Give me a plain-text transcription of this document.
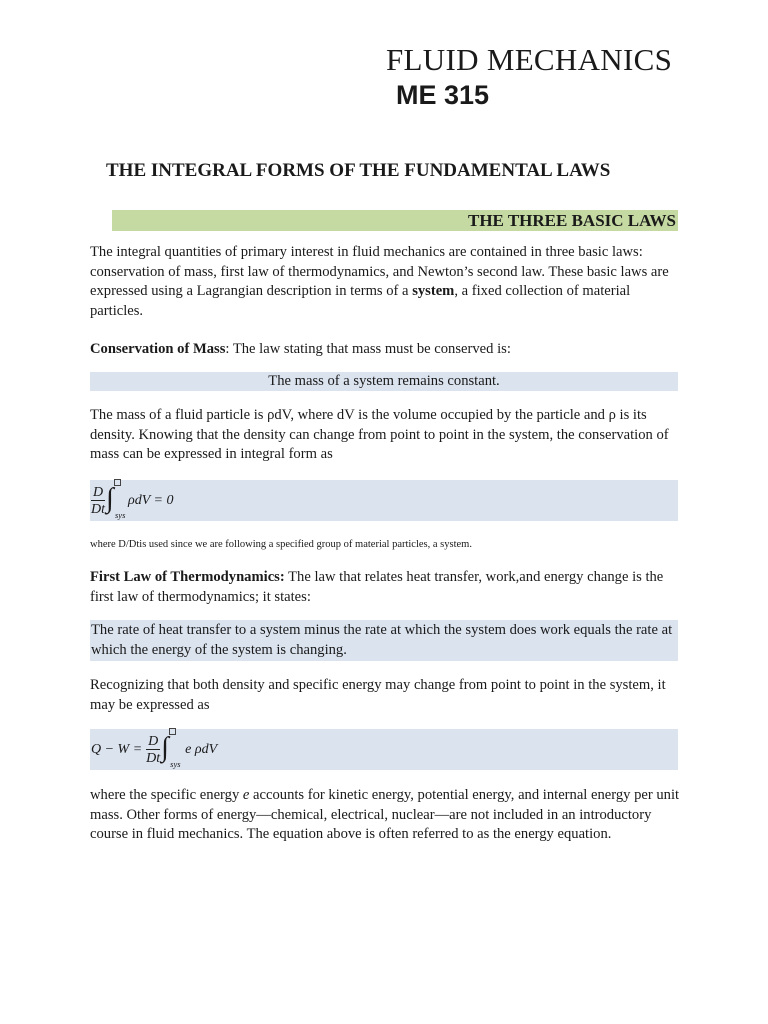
FLUID MECHANICS
ME 315
THE INTEGRAL FORMS OF THE FUNDAMENTAL LAWS
THE THREE BASIC LAWS
The integral quantities of primary interest in fluid mechanics are contained in three basic laws: conservation of mass, first law of thermodynamics, and Newton’s second law. These basic laws are expressed using a Lagrangian description in terms of a system, a fixed collection of material particles.
Conservation of Mass: The law stating that mass must be conserved is:
The mass of a system remains constant.
The mass of a fluid particle is ρdV, where dV is the volume occupied by the particle and ρ is its density. Knowing that the density can change from point to point in the system, the conservation of mass can be expressed in integral form as
$\frac{D}{Dt}$ ∫
sys
ρdV = 0
where D/Dtis used since we are following a specified group of material particles, a system.
First Law of Thermodynamics: The law that relates heat transfer, work,and energy change is the first law of thermodynamics; it states:
The rate of heat transfer to a system minus the rate at which the system does work equals the rate at which the energy of the system is changing.
Recognizing that both density and specific energy may change from point to point in the system, it may be expressed as
$Q - W = \frac{D}{Dt}$ ∫
sys
e ρdV
where the specific energy e accounts for kinetic energy, potential energy, and internal energy per unit mass. Other forms of energy—chemical, electrical, nuclear—are not included in an introductory course in fluid mechanics. The equation above is often referred to as the energy equation.
